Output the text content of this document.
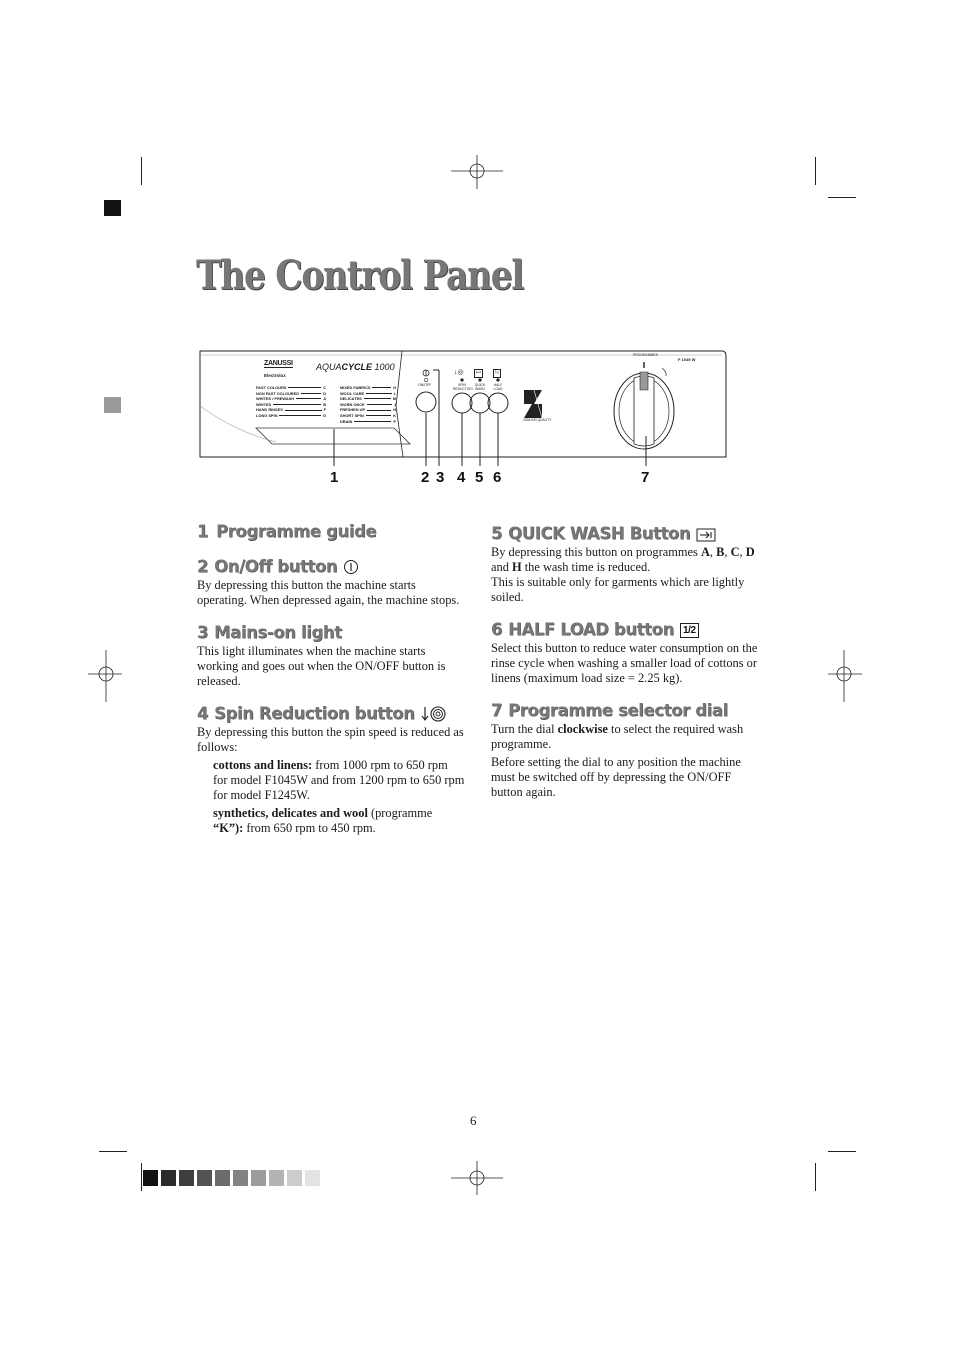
The Control Panel
ZANUSSI
Electrolux
AQUACYCLE 1000
FAST COLOURS	C
NON FAST COLOURED	D
WHITES / PREWASH	A
WHITES	B
HAND RINSES	F
LONG SPIN	G
MIXED FABRICS	H
WOOL CARE	L
DELICATES	M
WORN ONCE	J
FRESHEN UP	N
SHORT SPIN	K
DRAIN	P
ON/OFF	SPIN REDUCTION
QUICK WASH
HALF LOAD
↓◎	↦	½
ZANUSSI QUALITY
PROGRAMMES
F 1045 W
1	2 3 4 5 6	7
1 Programme guide
2 On/Off button

By depressing this button the machine starts operating. When depressed again, the machine stops.

3 Mains-on light

This light illuminates when the machine starts working and goes out when the ON/OFF button is released.

4 Spin Reduction button

By depressing this button the spin speed is reduced as follows:

cottons and linens: from 1000 rpm to 650 rpm for model F1045W and from 1200 rpm to 650 rpm for model F1245W.

synthetics, delicates and wool (programme “K”): from 650 rpm to 450 rpm.

5 QUICK WASH Button

By depressing this button on programmes A, B, C, D and H the wash time is reduced.

This is suitable only for garments which are lightly soiled.

6 HALF LOAD button 1/2

Select this button to reduce water consumption on the rinse cycle when washing a smaller load of cottons or linens (maximum load size = 2.25 kg).

7 Programme selector dial

Turn the dial clockwise to select the required wash programme.

Before setting the dial to any position the machine must be switched off by depressing the ON/OFF button again.

6
